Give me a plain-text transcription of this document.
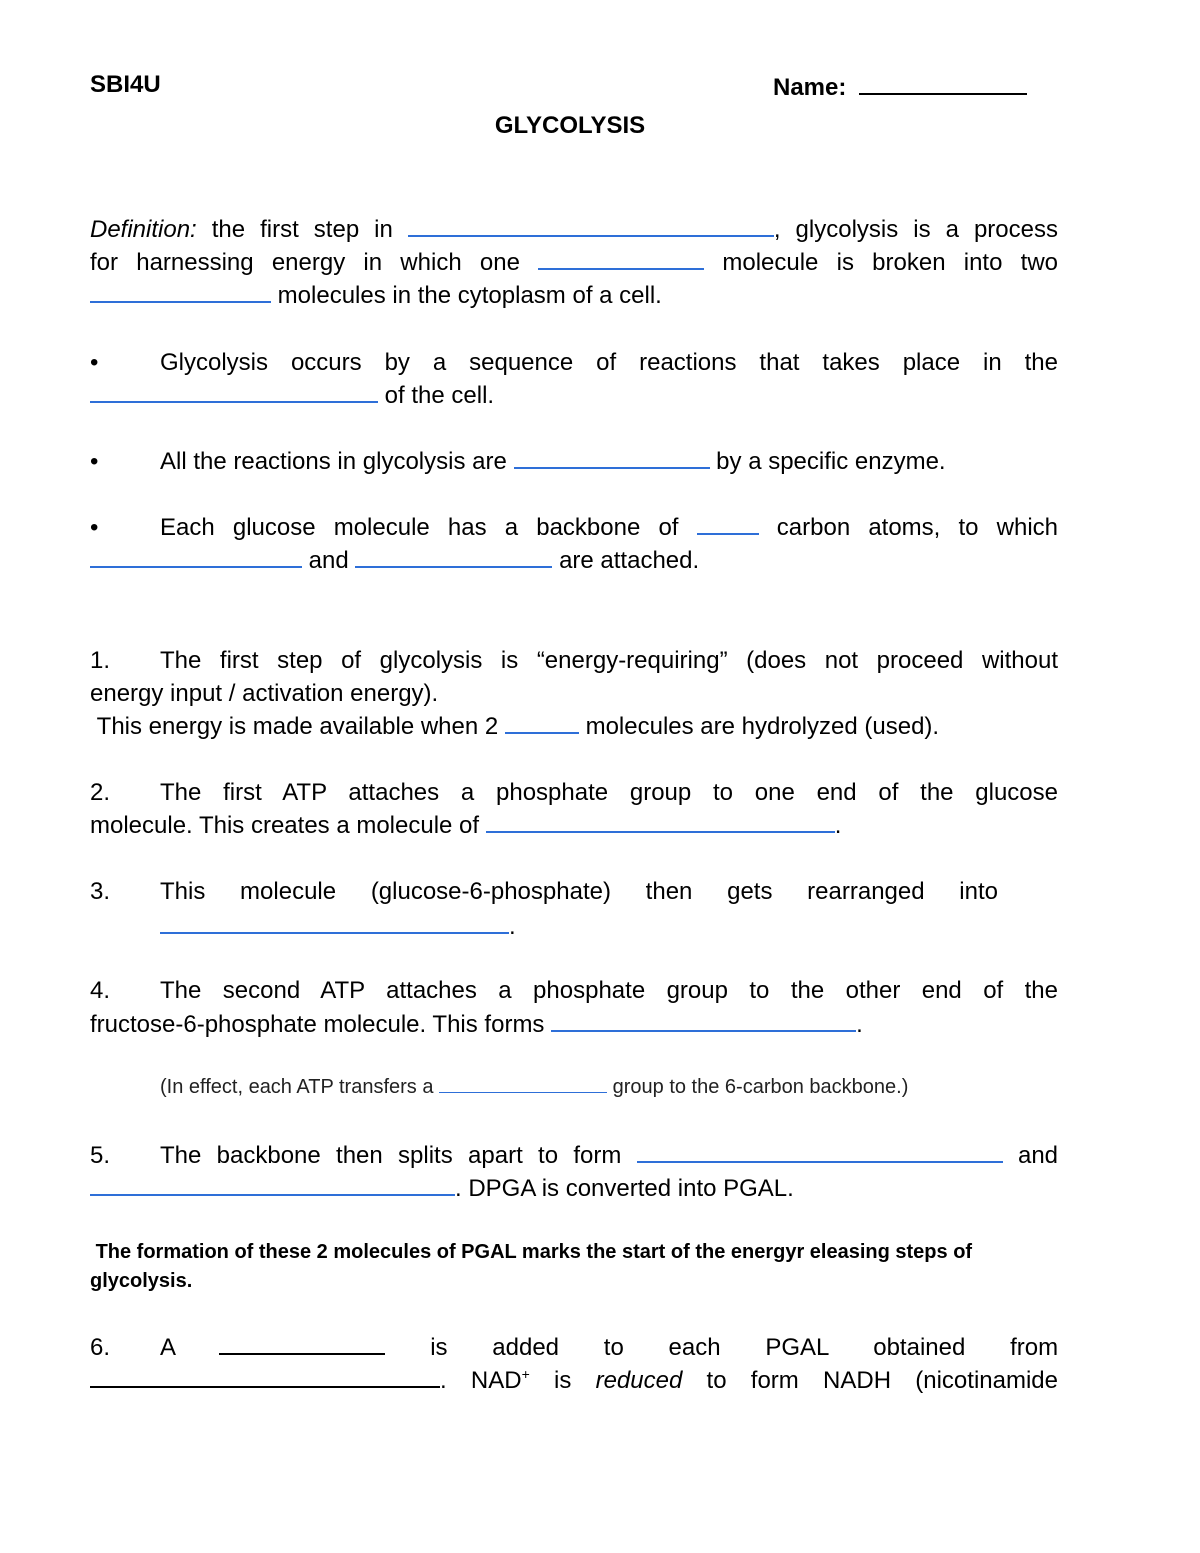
SBI4U	Name:
GLYCOLYSIS
Definition: the first step in	, glycolysis is a process
for harnessing energy in which one	molecule is broken into two
molecules in the cytoplasm of a cell.
•	Glycolysis occurs by a sequence of reactions that takes place in the
of the cell.
•	All the reactions in glycolysis are	by a specific enzyme.
•	Each glucose molecule has a backbone of	carbon atoms, to which
and	are attached.
1. The first step of glycolysis is “energy-requiring” (does not proceed without
energy input / activation energy).
This energy is made available when 2	molecules are hydrolyzed (used).
2. The first ATP attaches a phosphate group to one end of the glucose
molecule. This creates a molecule of	.
3. This molecule (glucose-6-phosphate) then gets rearranged into
.
4. The second ATP attaches a phosphate group to the other end of the
fructose-6-phosphate molecule. This forms	.
(In effect, each ATP transfers a	group to the 6-carbon backbone.)
5. The backbone then splits apart to form	and
. DPGA is converted into PGAL.
The formation of these 2 molecules of PGAL marks the start of the energyr eleasing steps of glycolysis.
6. A	is added to each PGAL obtained from
. NAD+ is reduced to form NADH (nicotinamide
